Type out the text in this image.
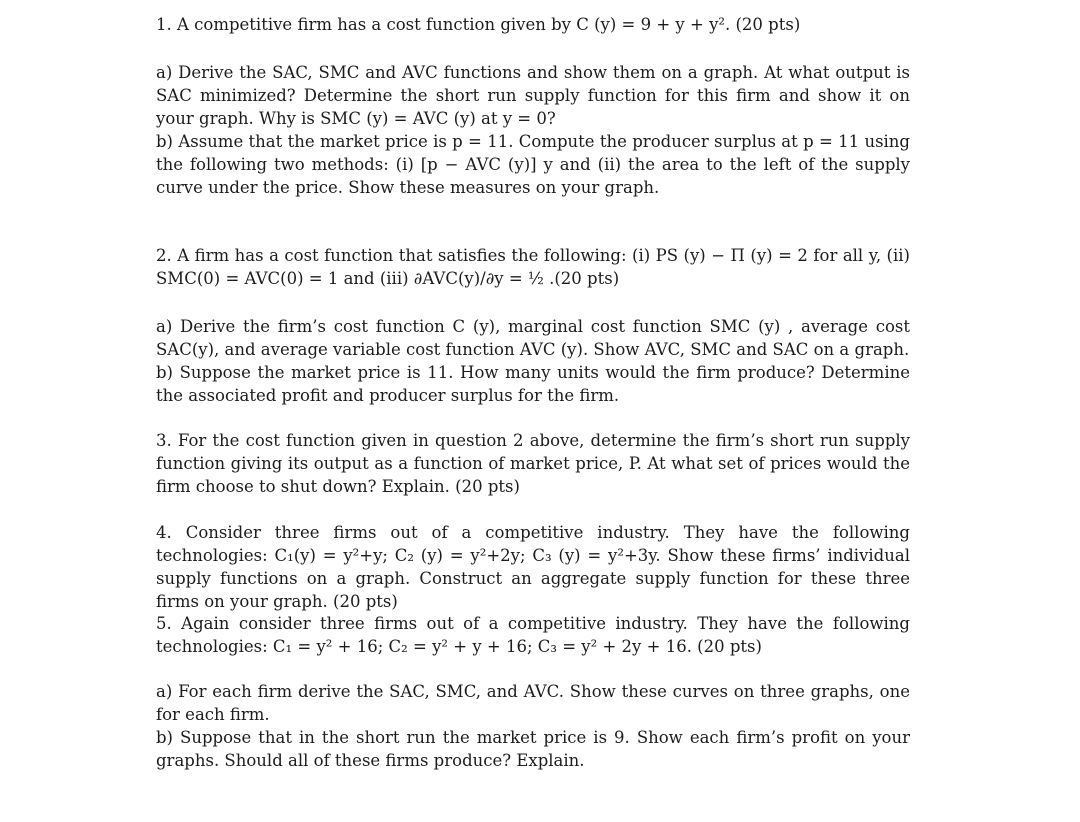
1. A competitive firm has a cost function given by C (y) = 9 + y + y². (20 pts)

a) Derive the SAC, SMC and AVC functions and show them on a graph. At what output is SAC minimized? Determine the short run supply function for this firm and show it on your graph. Why is SMC (y) = AVC (y) at y = 0?

b) Assume that the market price is p = 11. Compute the producer surplus at p = 11 using the following two methods: (i) [p − AVC (y)] y and (ii) the area to the left of the supply curve under the price. Show these measures on your graph.

2. A firm has a cost function that satisfies the following: (i) PS (y) − Π (y) = 2 for all y, (ii) SMC(0) = AVC(0) = 1 and (iii) ∂AVC(y)/∂y = ½ .(20 pts)

a) Derive the firm’s cost function C (y), marginal cost function SMC (y) , average cost SAC(y), and average variable cost function AVC (y). Show AVC, SMC and SAC on a graph.

b) Suppose the market price is 11. How many units would the firm produce? Determine the associated profit and producer surplus for the firm.

3. For the cost function given in question 2 above, determine the firm’s short run supply function giving its output as a function of market price, P. At what set of prices would the firm choose to shut down? Explain. (20 pts)

4. Consider three firms out of a competitive industry. They have the following technologies: C₁(y) = y²+y; C₂ (y) = y²+2y; C₃ (y) = y²+3y. Show these firms’ individual supply functions on a graph. Construct an aggregate supply function for these three firms on your graph. (20 pts)

5. Again consider three firms out of a competitive industry. They have the following technologies: C₁ = y² + 16; C₂ = y² + y + 16; C₃ = y² + 2y + 16. (20 pts)

a) For each firm derive the SAC, SMC, and AVC. Show these curves on three graphs, one for each firm.

b) Suppose that in the short run the market price is 9. Show each firm’s profit on your graphs. Should all of these firms produce? Explain.
